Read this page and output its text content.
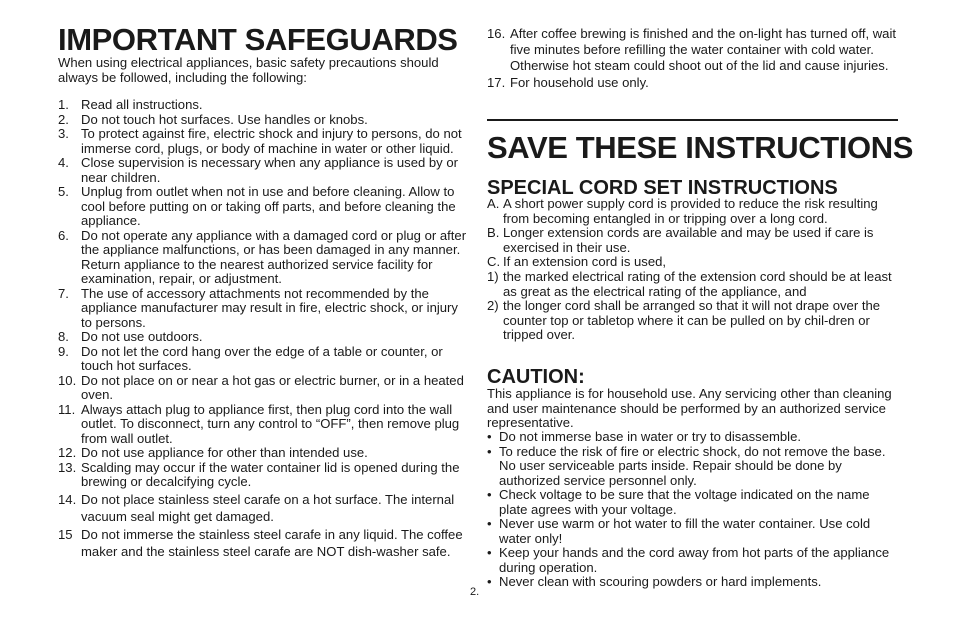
IMPORTANT SAFEGUARDS

When using electrical appliances, basic safety precautions should always be followed, including the following:

1. Read all instructions.
2. Do not touch hot surfaces. Use handles or knobs.
3. To protect against fire, electric shock and injury to persons, do not immerse cord, plugs, or body of machine in water or other liquid.
4. Close supervision is necessary when any appliance is used by or near children.
5. Unplug from outlet when not in use and before cleaning. Allow to cool before putting on or taking off parts, and before cleaning the appliance.
6. Do not operate any appliance with a damaged cord or plug or after the appliance malfunctions, or has been damaged in any manner. Return appliance to the nearest authorized service facility for examination, repair, or adjustment.
7. The use of accessory attachments not recommended by the appliance manufacturer may result in fire, electric shock, or injury to persons.
8. Do not use outdoors.
9. Do not let the cord hang over the edge of a table or counter, or touch hot surfaces.
10. Do not place on or near a hot gas or electric burner, or in a heated oven.
11. Always attach plug to appliance first, then plug cord into the wall outlet. To disconnect, turn any control to “OFF”, then remove plug from wall outlet.
12. Do not use appliance for other than intended use.
13. Scalding may occur if the water container lid is opened during the brewing or decalcifying cycle.
14. Do not place stainless steel carafe on a hot surface. The internal vacuum seal might get damaged.
15 Do not immerse the stainless steel carafe in any liquid. The coffee maker and the stainless steel carafe are NOT dish-washer safe.
16. After coffee brewing is finished and the on-light has turned off, wait five minutes before refilling the water container with cold water. Otherwise hot steam could shoot out of the lid and cause injuries.
17. For household use only.
SAVE THESE INSTRUCTIONS
SPECIAL CORD SET INSTRUCTIONS
A. A short power supply cord is provided to reduce the risk resulting from becoming entangled in or tripping over a long cord.
B. Longer extension cords are available and may be used if care is exercised in their use.
C. If an extension cord is used,
1) the marked electrical rating of the extension cord should be at least as great as the electrical rating of the appliance, and
2) the longer cord shall be arranged so that it will not drape over the counter top or tabletop where it can be pulled on by chil-dren or tripped over.
CAUTION:

This appliance is for household use. Any servicing other than cleaning and user maintenance should be performed by an authorized service representative.

• Do not immerse base in water or try to disassemble.
• To reduce the risk of fire or electric shock, do not remove the base. No user serviceable parts inside. Repair should be done by authorized service personnel only.
• Check voltage to be sure that the voltage indicated on the name plate agrees with your voltage.
• Never use warm or hot water to fill the water container. Use cold water only!
• Keep your hands and the cord away from hot parts of the appliance during operation.
• Never clean with scouring powders or hard implements.
2.
